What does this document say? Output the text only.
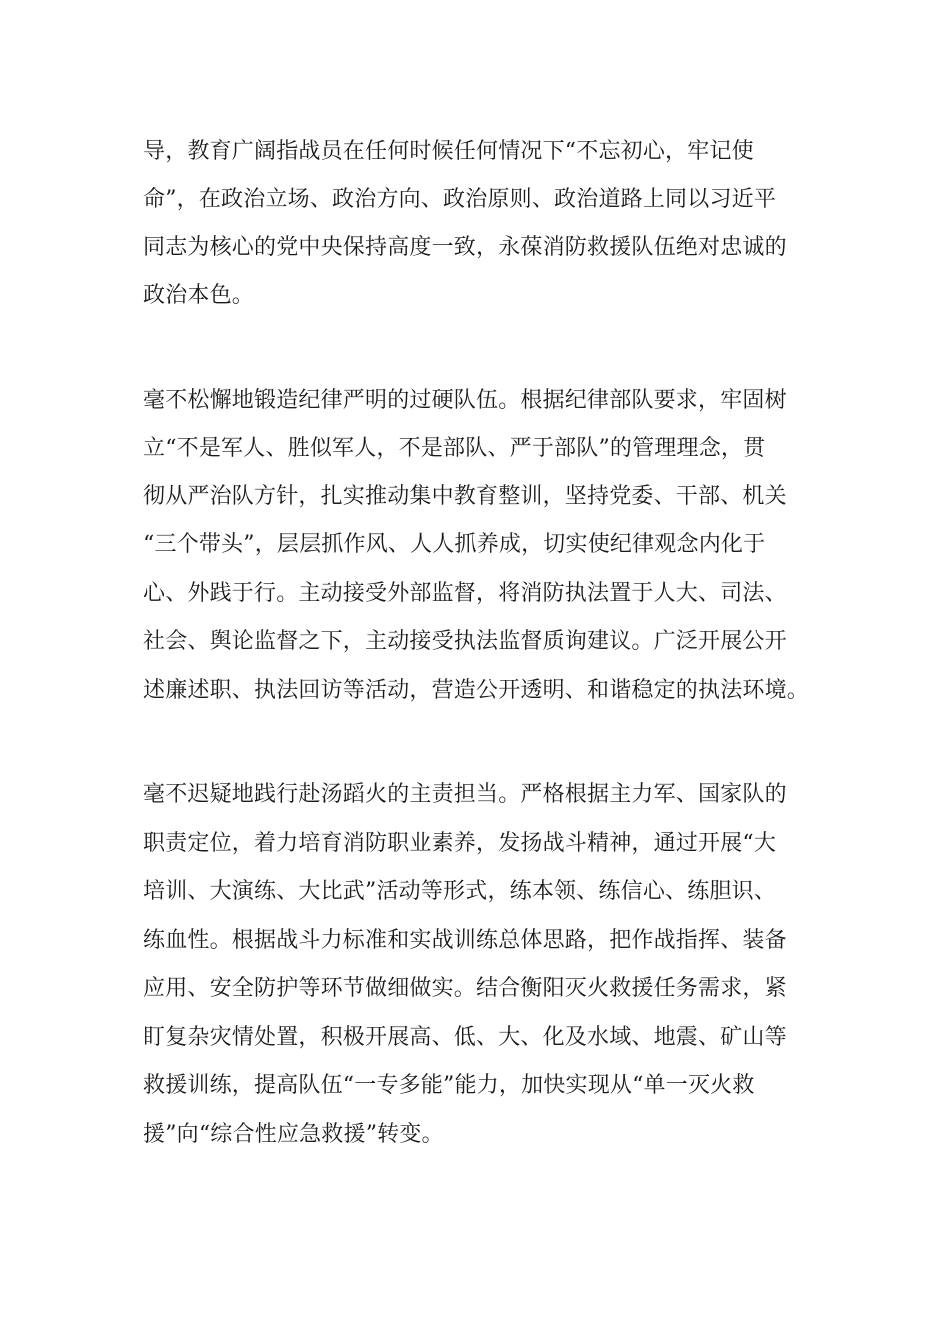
导，教育广阔指战员在任何时候任何情况下“不忘初心，牢记使
命”，在政治立场、政治方向、政治原则、政治道路上同以习近平
同志为核心的党中央保持高度一致，永葆消防救援队伍绝对忠诚的
政治本色。
毫不松懈地锻造纪律严明的过硬队伍。根据纪律部队要求，牢固树
立“不是军人、胜似军人，不是部队、严于部队”的管理理念，贯
彻从严治队方针，扎实推动集中教育整训，坚持党委、干部、机关
“三个带头”，层层抓作风、人人抓养成，切实使纪律观念内化于
心、外践于行。主动接受外部监督，将消防执法置于人大、司法、
社会、舆论监督之下，主动接受执法监督质询建议。广泛开展公开
述廉述职、执法回访等活动，营造公开透明、和谐稳定的执法环境。
毫不迟疑地践行赴汤蹈火的主责担当。严格根据主力军、国家队的
职责定位，着力培育消防职业素养，发扬战斗精神，通过开展“大
培训、大演练、大比武”活动等形式，练本领、练信心、练胆识、
练血性。根据战斗力标准和实战训练总体思路，把作战指挥、装备
应用、安全防护等环节做细做实。结合衡阳灭火救援任务需求，紧
盯复杂灾情处置，积极开展高、低、大、化及水域、地震、矿山等
救援训练，提高队伍“一专多能”能力，加快实现从“单一灭火救
援”向“综合性应急救援”转变。
